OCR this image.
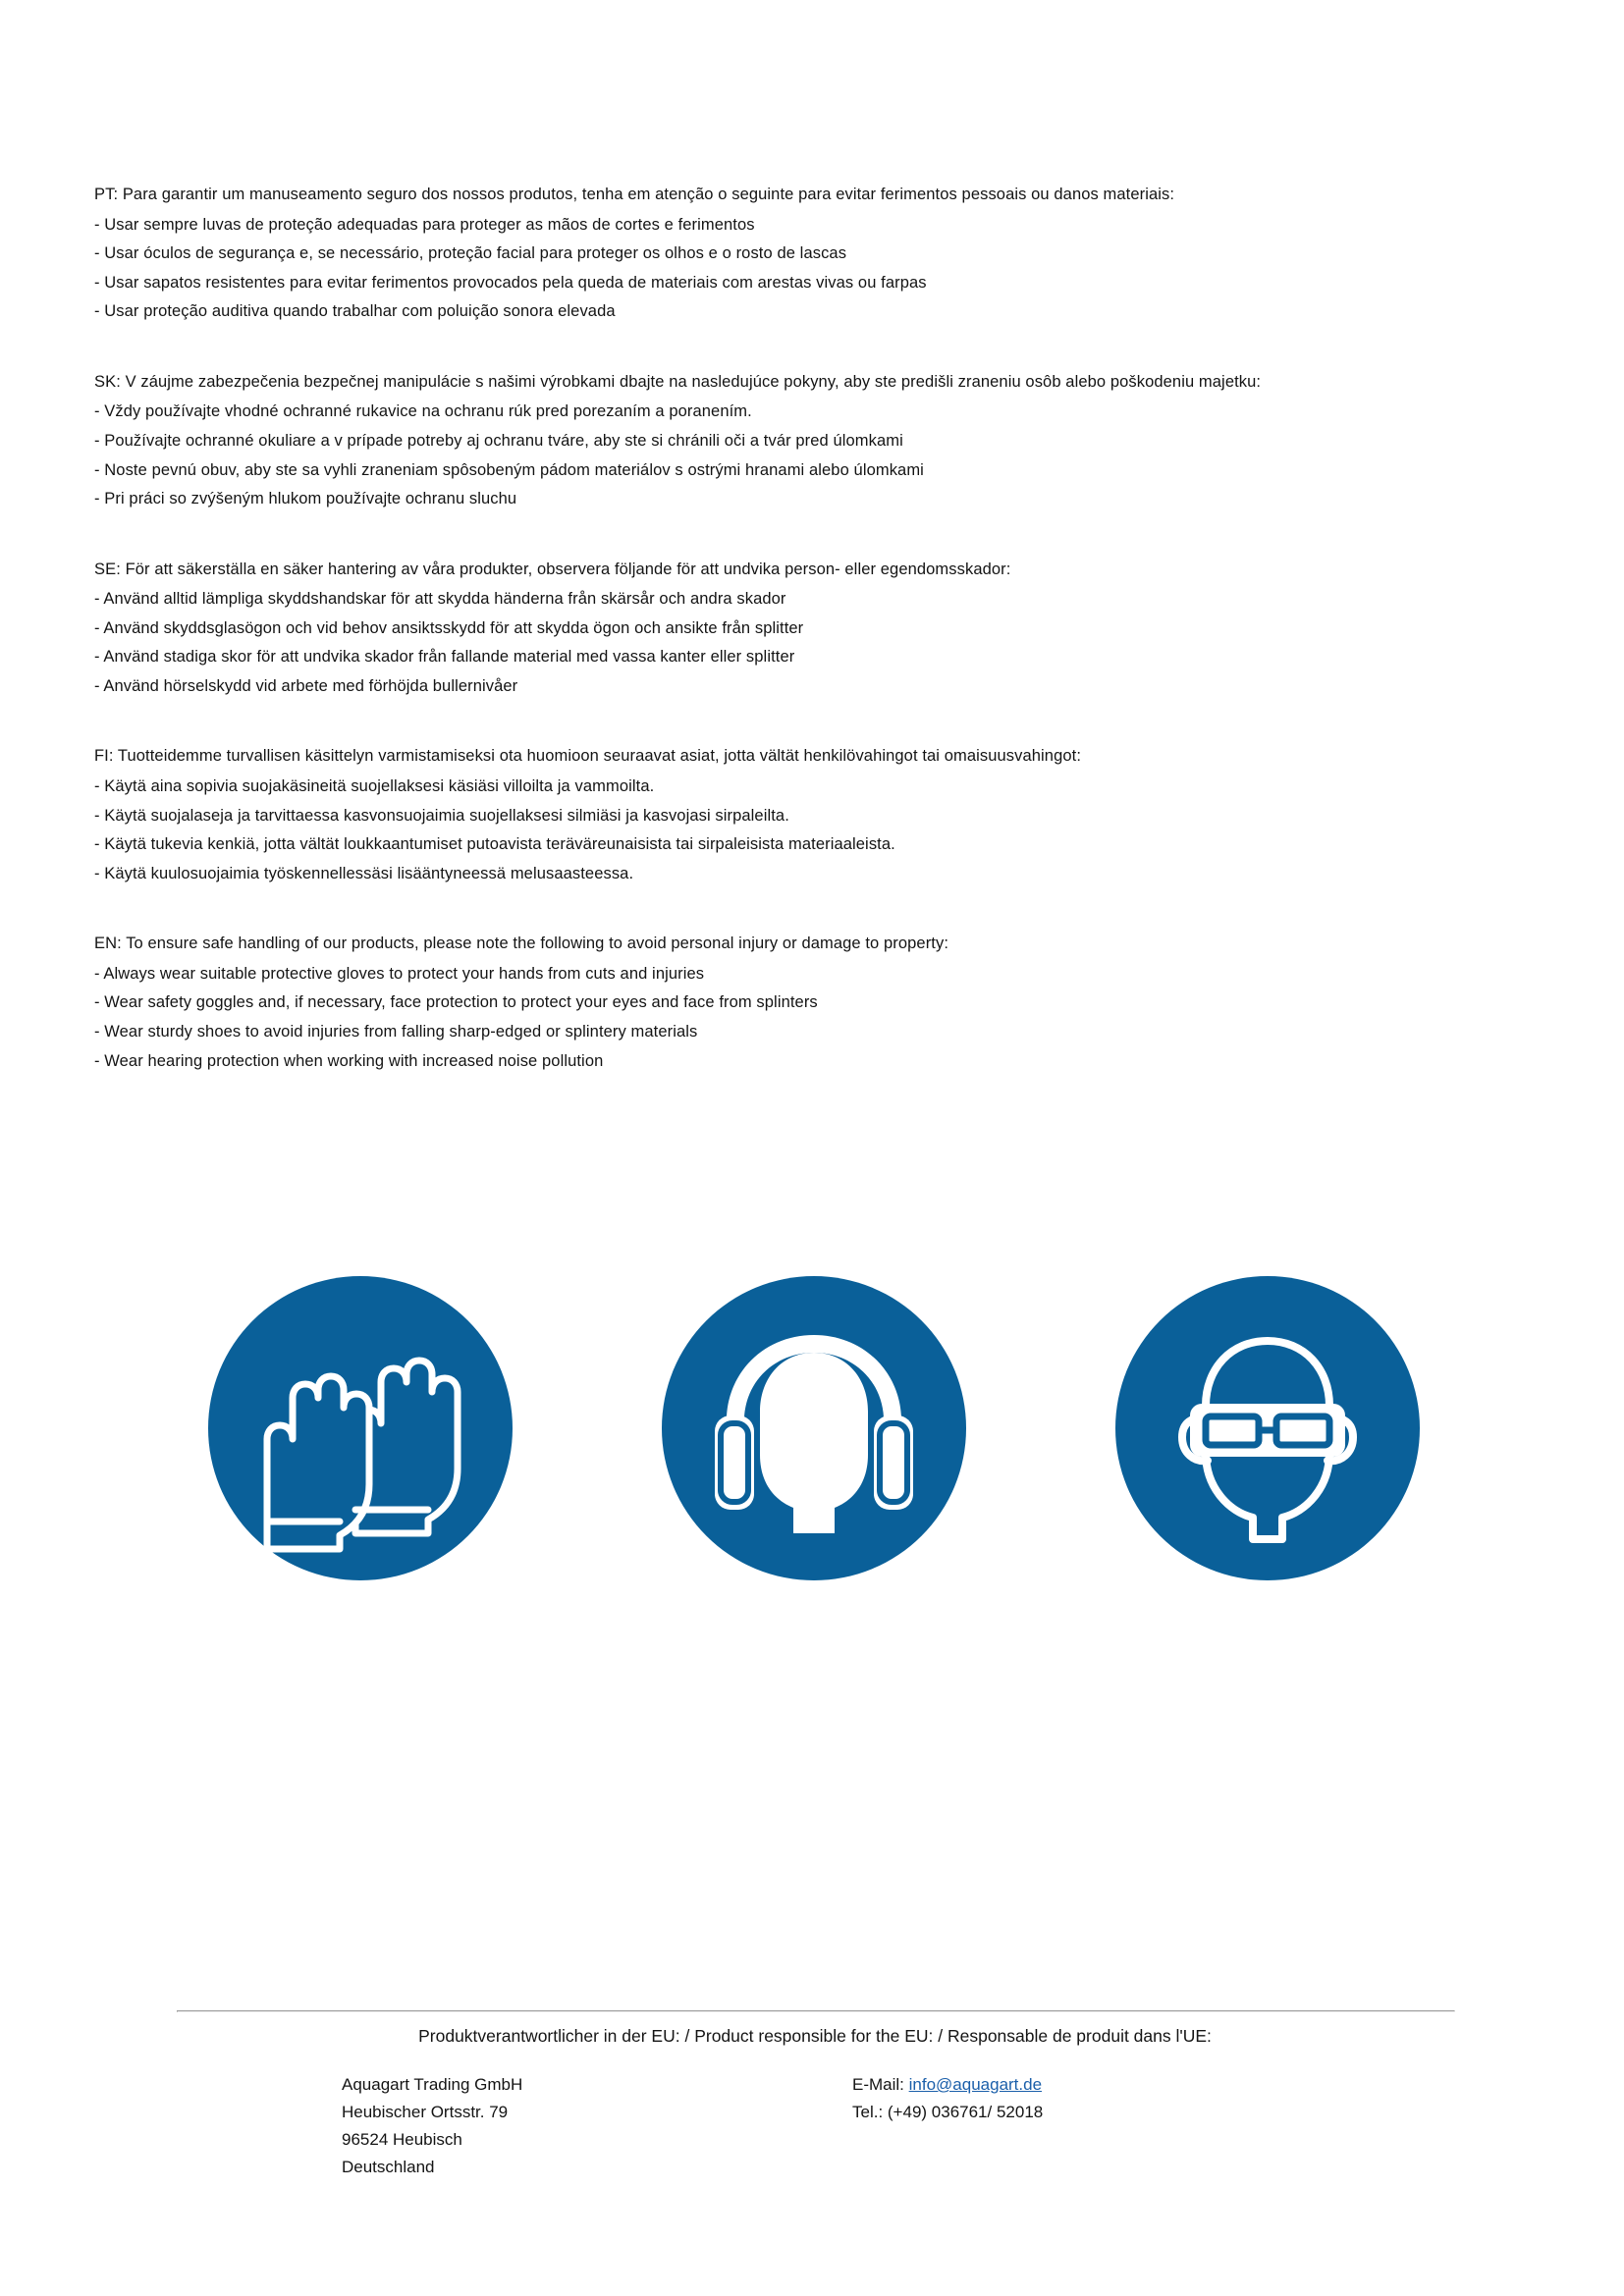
PT: Para garantir um manuseamento seguro dos nossos produtos, tenha em atenção o seguinte para evitar ferimentos pessoais ou danos materiais:

- Usar sempre luvas de proteção adequadas para proteger as mãos de cortes e ferimentos

- Usar óculos de segurança e, se necessário, proteção facial para proteger os olhos e o rosto de lascas

- Usar sapatos resistentes para evitar ferimentos provocados pela queda de materiais com arestas vivas ou farpas

- Usar proteção auditiva quando trabalhar com poluição sonora elevada

SK: V záujme zabezpečenia bezpečnej manipulácie s našimi výrobkami dbajte na nasledujúce pokyny, aby ste predišli zraneniu osôb alebo poškodeniu majetku:

- Vždy používajte vhodné ochranné rukavice na ochranu rúk pred porezaním a poranením.

- Používajte ochranné okuliare a v prípade potreby aj ochranu tváre, aby ste si chránili oči a tvár pred úlomkami

- Noste pevnú obuv, aby ste sa vyhli zraneniam spôsobeným pádom materiálov s ostrými hranami alebo úlomkami

- Pri práci so zvýšeným hlukom používajte ochranu sluchu

SE: För att säkerställa en säker hantering av våra produkter, observera följande för att undvika person- eller egendomsskador:

- Använd alltid lämpliga skyddshandskar för att skydda händerna från skärsår och andra skador

- Använd skyddsglasögon och vid behov ansiktsskydd för att skydda ögon och ansikte från splitter

- Använd stadiga skor för att undvika skador från fallande material med vassa kanter eller splitter

- Använd hörselskydd vid arbete med förhöjda bullernivåer

FI: Tuotteidemme turvallisen käsittelyn varmistamiseksi ota huomioon seuraavat asiat, jotta vältät henkilövahingot tai omaisuusvahingot:

- Käytä aina sopivia suojakäsineitä suojellaksesi käsiäsi villoilta ja vammoilta.

- Käytä suojalaseja ja tarvittaessa kasvonsuojaimia suojellaksesi silmiäsi ja kasvojasi sirpaleilta.

- Käytä tukevia kenkiä, jotta vältät loukkaantumiset putoavista teräväreunaisista tai sirpaleisista materiaaleista.

- Käytä kuulosuojaimia työskennellessäsi lisääntyneessä melusaasteessa.

EN: To ensure safe handling of our products, please note the following to avoid personal injury or damage to property:

- Always wear suitable protective gloves to protect your hands from cuts and injuries

- Wear safety goggles and, if necessary, face protection to protect your eyes and face from splinters

- Wear sturdy shoes to avoid injuries from falling sharp-edged or splintery materials

- Wear hearing protection when working with increased noise pollution

Produktverantwortlicher in der EU: / Product responsible for the EU: / Responsable de produit dans l'UE:

Aquagart Trading GmbH

Heubischer Ortsstr. 79

96524 Heubisch

Deutschland

E-Mail: info@aquagart.de

Tel.: (+49) 036761/ 52018
